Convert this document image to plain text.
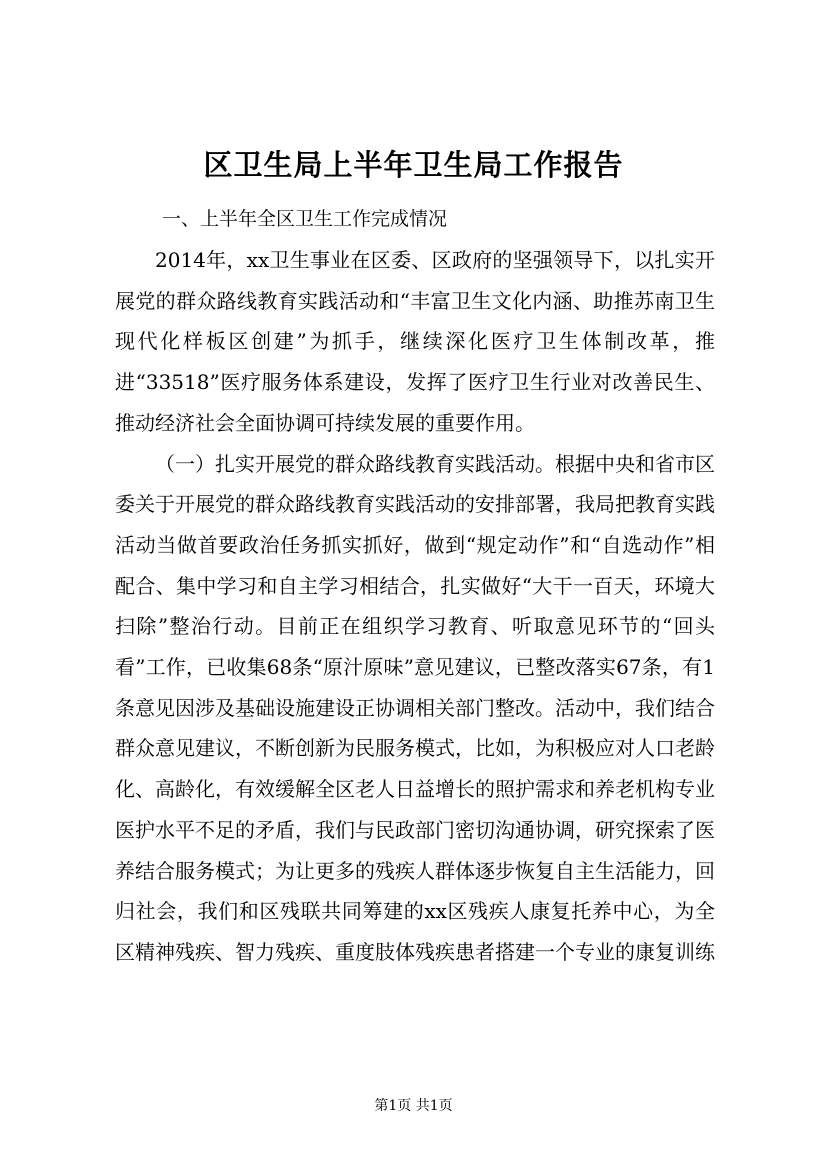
区卫生局上半年卫生局工作报告
一、上半年全区卫生工作完成情况

2014年，xx卫生事业在区委、区政府的坚强领导下，以扎实开展党的群众路线教育实践活动和“丰富卫生文化内涵、助推苏南卫生现代化样板区创建”为抓手，继续深化医疗卫生体制改革，推进“33518”医疗服务体系建设，发挥了医疗卫生行业对改善民生、推动经济社会全面协调可持续发展的重要作用。

（一）扎实开展党的群众路线教育实践活动。根据中央和省市区委关于开展党的群众路线教育实践活动的安排部署，我局把教育实践活动当做首要政治任务抓实抓好，做到“规定动作”和“自选动作”相配合、集中学习和自主学习相结合，扎实做好“大干一百天，环境大扫除”整治行动。目前正在组织学习教育、听取意见环节的“回头看”工作，已收集68条“原汁原味”意见建议，已整改落实67条，有1条意见因涉及基础设施建设正协调相关部门整改。活动中，我们结合群众意见建议，不断创新为民服务模式，比如，为积极应对人口老龄化、高龄化，有效缓解全区老人日益增长的照护需求和养老机构专业医护水平不足的矛盾，我们与民政部门密切沟通协调，研究探索了医养结合服务模式；为让更多的残疾人群体逐步恢复自主生活能力，回归社会，我们和区残联共同筹建的xx区残疾人康复托养中心，为全区精神残疾、智力残疾、重度肢体残疾患者搭建一个专业的康复训练

第1页 共1页
